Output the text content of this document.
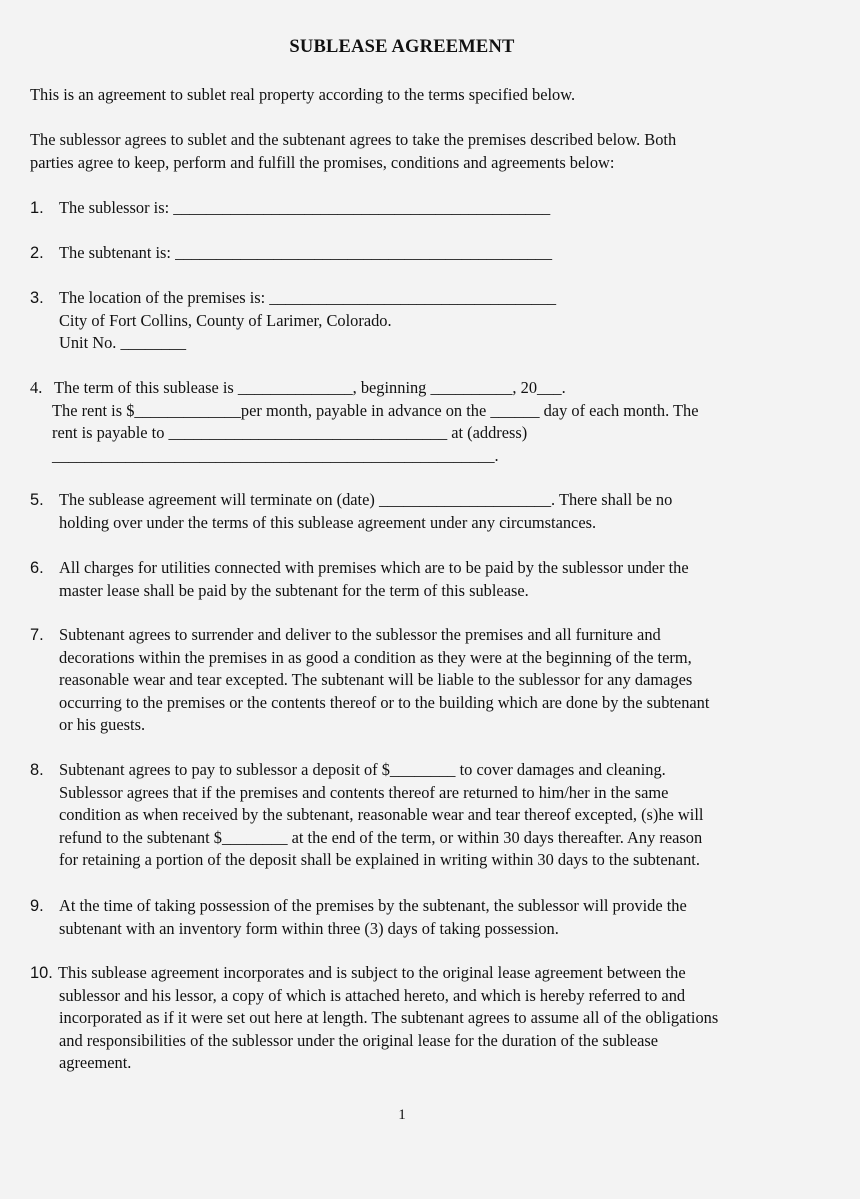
SUBLEASE AGREEMENT
This is an agreement to sublet real property according to the terms specified below.
The sublessor agrees to sublet and the subtenant agrees to take the premises described below. Both
parties agree to keep, perform and fulfill the promises, conditions and agreements below:
1. The sublessor is: ______________________________________________
2. The subtenant is: ______________________________________________
3. The location of the premises is: ___________________________________
City of Fort Collins, County of Larimer, Colorado.
Unit No. ________
4. The term of this sublease is ______________, beginning __________, 20___.
The rent is $_____________per month, payable in advance on the ______ day of each month. The
rent is payable to __________________________________ at (address)
______________________________________________________.
5. The sublease agreement will terminate on (date) _____________________. There shall be no
holding over under the terms of this sublease agreement under any circumstances.
6. All charges for utilities connected with premises which are to be paid by the sublessor under the
master lease shall be paid by the subtenant for the term of this sublease.
7. Subtenant agrees to surrender and deliver to the sublessor the premises and all furniture and
decorations within the premises in as good a condition as they were at the beginning of the term,
reasonable wear and tear excepted. The subtenant will be liable to the sublessor for any damages
occurring to the premises or the contents thereof or to the building which are done by the subtenant
or his guests.
8. Subtenant agrees to pay to sublessor a deposit of $________ to cover damages and cleaning.
Sublessor agrees that if the premises and contents thereof are returned to him/her in the same
condition as when received by the subtenant, reasonable wear and tear thereof excepted, (s)he will
refund to the subtenant $________ at the end of the term, or within 30 days thereafter. Any reason
for retaining a portion of the deposit shall be explained in writing within 30 days to the subtenant.
9. At the time of taking possession of the premises by the subtenant, the sublessor will provide the
subtenant with an inventory form within three (3) days of taking possession.
10. This sublease agreement incorporates and is subject to the original lease agreement between the
sublessor and his lessor, a copy of which is attached hereto, and which is hereby referred to and
incorporated as if it were set out here at length. The subtenant agrees to assume all of the obligations
and responsibilities of the sublessor under the original lease for the duration of the sublease
agreement.
1
